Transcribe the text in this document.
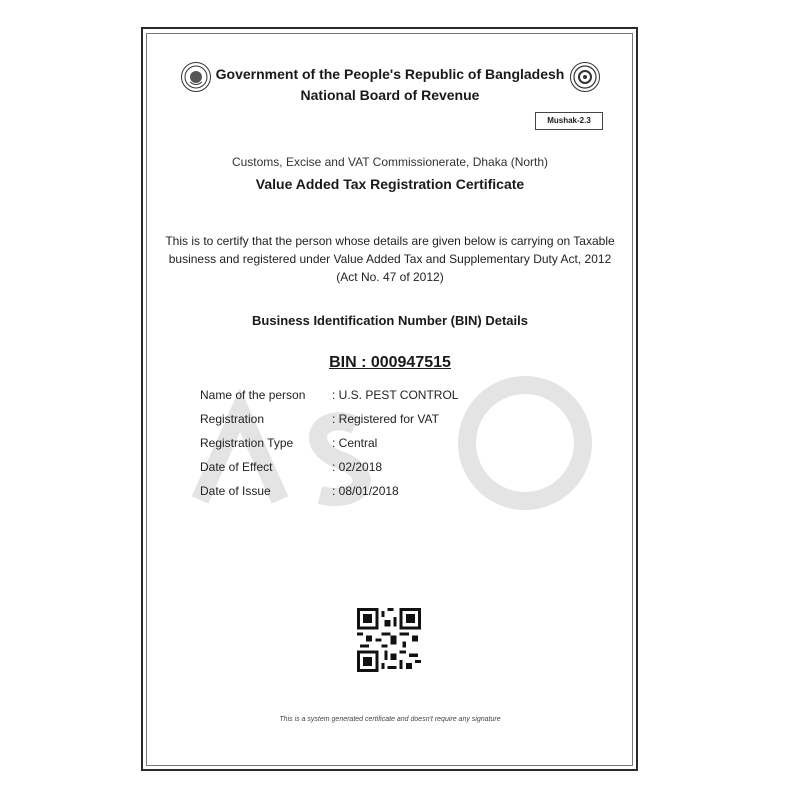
Government of the People's Republic of Bangladesh
National Board of Revenue
Mushak-2.3
Customs, Excise and VAT Commissionerate, Dhaka (North)
Value Added Tax Registration Certificate
This is to certify that the person whose details are given below is carrying on Taxable business and registered under Value Added Tax and Supplementary Duty Act, 2012 (Act No. 47 of 2012)
Business Identification Number (BIN) Details
BIN : 000947515
Name of the person : U.S. PEST CONTROL
Registration	: Registered for VAT
Registration Type	: Central
Date of Effect	: 02/2018
Date of Issue	: 08/01/2018
This is a system generated certificate and doesn't require any signature
